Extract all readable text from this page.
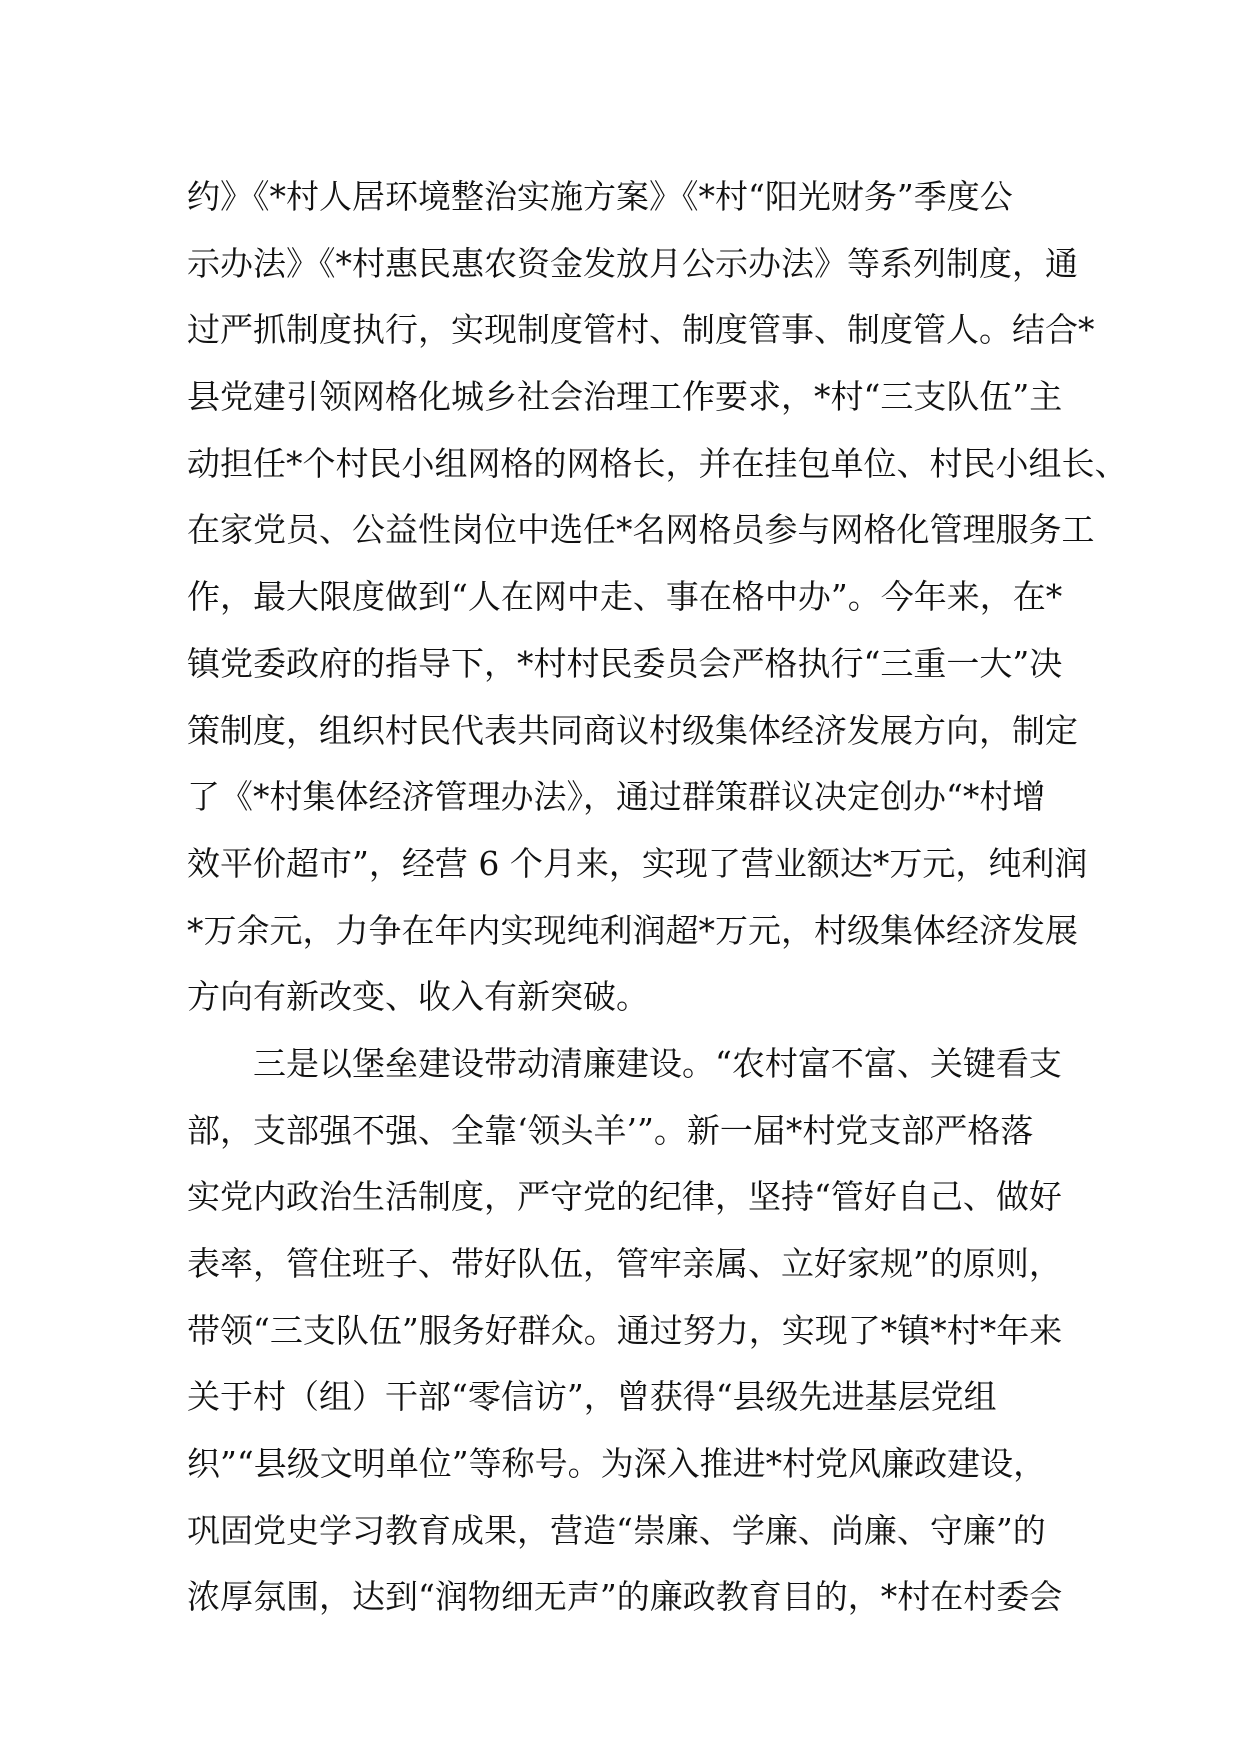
约》《*村人居环境整治实施方案》《*村“阳光财务”季度公
示办法》《*村惠民惠农资金发放月公示办法》等系列制度，通
过严抓制度执行，实现制度管村、制度管事、制度管人。结合*
县党建引领网格化城乡社会治理工作要求，*村“三支队伍”主
动担任*个村民小组网格的网格长，并在挂包单位、村民小组长、
在家党员、公益性岗位中选任*名网格员参与网格化管理服务工
作，最大限度做到“人在网中走、事在格中办”。今年来，在*
镇党委政府的指导下，*村村民委员会严格执行“三重一大”决
策制度，组织村民代表共同商议村级集体经济发展方向，制定
了《*村集体经济管理办法》，通过群策群议决定创办“*村增
效平价超市”，经营 6 个月来，实现了营业额达*万元，纯利润
*万余元，力争在年内实现纯利润超*万元，村级集体经济发展
方向有新改变、收入有新突破。
三是以堡垒建设带动清廉建设。“农村富不富、关键看支
部，支部强不强、全靠‘领头羊’”。新一届*村党支部严格落
实党内政治生活制度，严守党的纪律，坚持“管好自己、做好
表率，管住班子、带好队伍，管牢亲属、立好家规”的原则，
带领“三支队伍”服务好群众。通过努力，实现了*镇*村*年来
关于村（组）干部“零信访”，曾获得“县级先进基层党组
织”“县级文明单位”等称号。为深入推进*村党风廉政建设，
巩固党史学习教育成果，营造“崇廉、学廉、尚廉、守廉”的
浓厚氛围，达到“润物细无声”的廉政教育目的，*村在村委会
